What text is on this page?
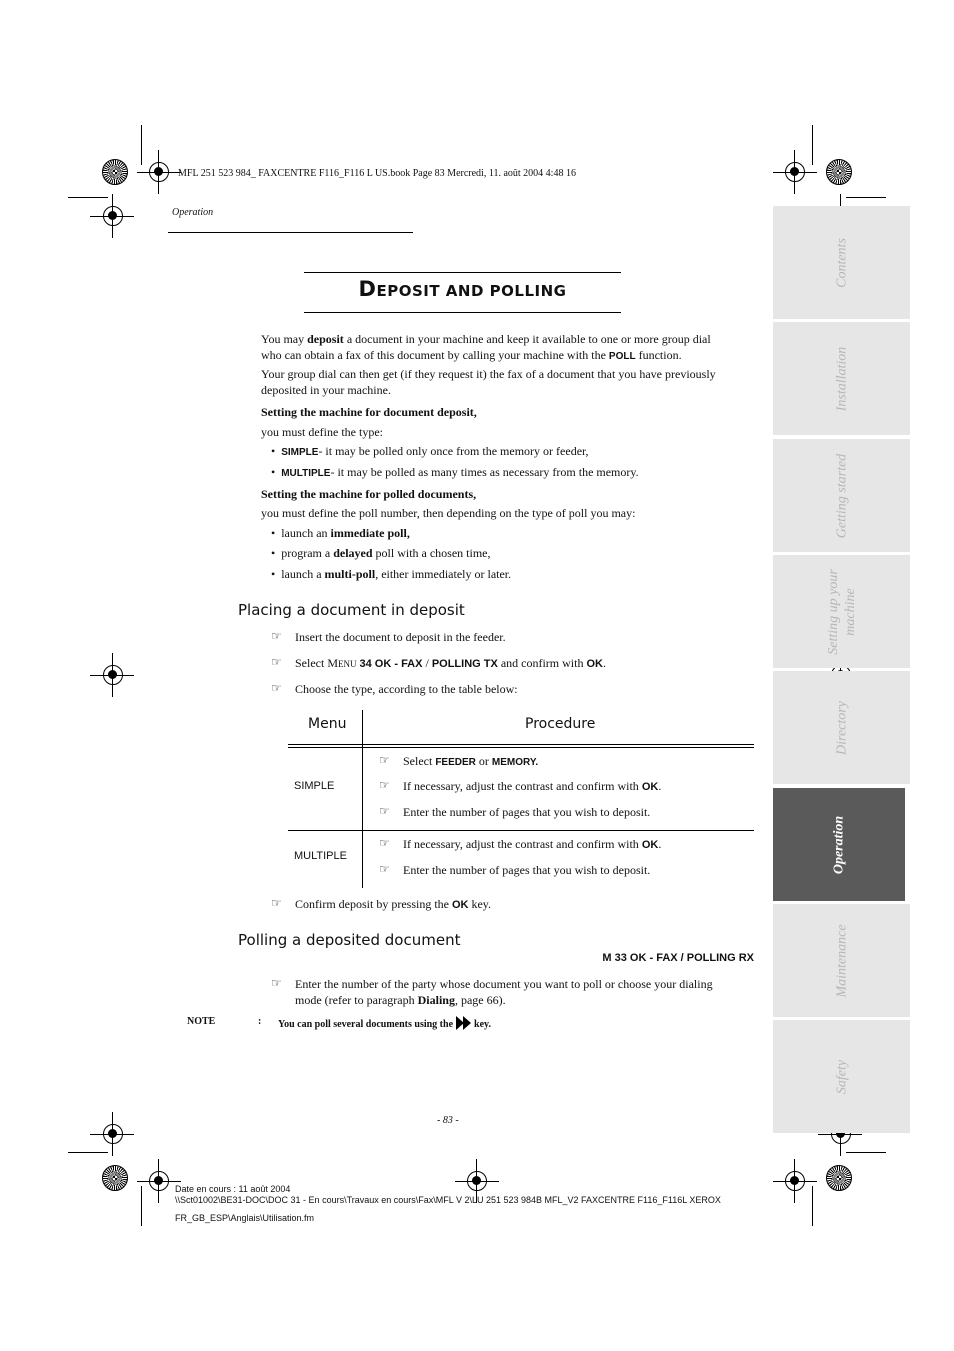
MFL 251 523 984_ FAXCENTRE F116_F116 L US.book Page 83 Mercredi, 11. août 2004 4:48 16
Operation
DEPOSIT AND POLLING
You may deposit a document in your machine and keep it available to one or more group dial
who can obtain a fax of this document by calling your machine with the POLL function.
Your group dial can then get (if they request it) the fax of a document that you have previously
deposited in your machine.
Setting the machine for document deposit,
you must define the type:
•  SIMPLE- it may be polled only once from the memory or feeder,
•  MULTIPLE- it may be polled as many times as necessary from the memory.
Setting the machine for polled documents,
you must define the poll number, then depending on the type of poll you may:
•  launch an immediate poll,
•  program a delayed poll with a chosen time,
•  launch a multi-poll, either immediately or later.
Placing a document in deposit
☞ Insert the document to deposit in the feeder.
☞ Select MENU 34 OK - FAX / POLLING TX and confirm with OK.
☞ Choose the type, according to the table below:
Menu	Procedure
SIMPLE
☞ Select FEEDER or MEMORY.
☞ If necessary, adjust the contrast and confirm with OK.
☞ Enter the number of pages that you wish to deposit.
MULTIPLE
☞ If necessary, adjust the contrast and confirm with OK.
☞ Enter the number of pages that you wish to deposit.
☞ Confirm deposit by pressing the OK key.
Polling a deposited document
M 33 OK - FAX / POLLING RX
☞ Enter the number of the party whose document you want to poll or choose your dialing
mode (refer to paragraph Dialing, page 66).
NOTE	: You can poll several documents using the key.
- 83 -
Date en cours : 11 août 2004
\\Sct01002\BE31-DOC\DOC 31 - En cours\Travaux en cours\Fax\MFL V 2\LU 251 523 984B MFL_V2 FAXCENTRE F116_F116L XEROX
FR_GB_ESP\Anglais\Utilisation.fm
Contents
Installation
Getting started
Setting up your machine
Directory
Operation
Maintenance
Safety
